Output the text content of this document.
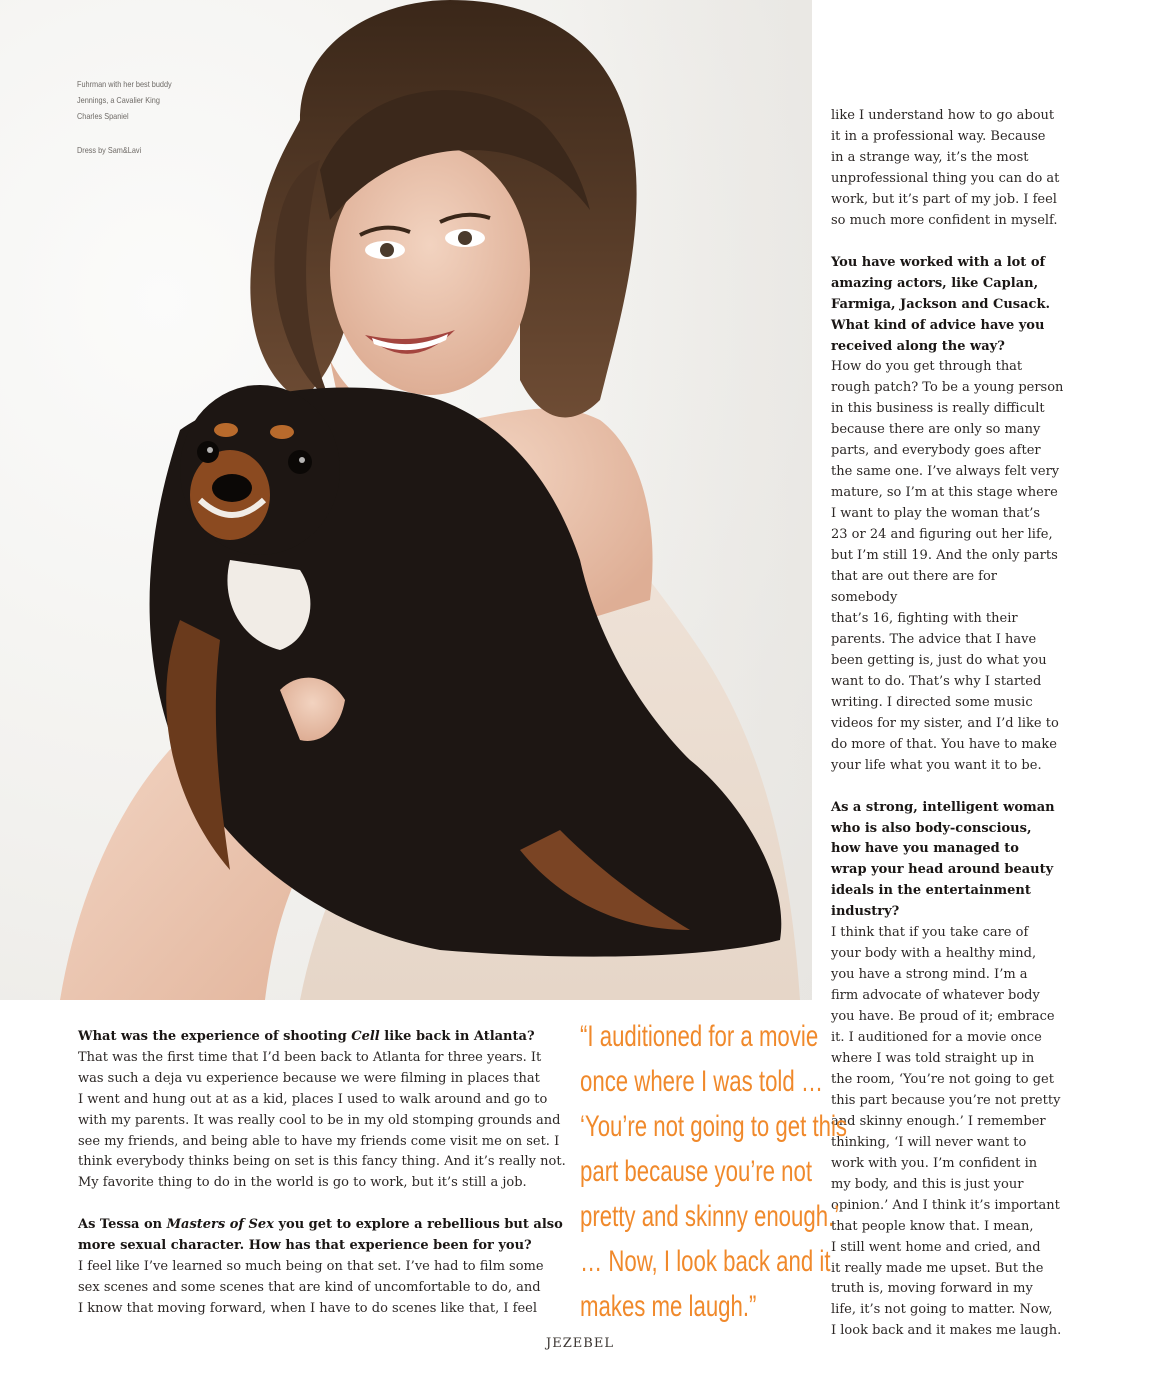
Fuhrman with her best buddy

Jennings, a Cavalier King

Charles Spaniel

Dress by Sam&Lavi

like I understand how to go about

it in a professional way. Because

in a strange way, it’s the most

unprofessional thing you can do at

work, but it’s part of my job. I feel

so much more confident in myself.

You have worked with a lot of

amazing actors, like Caplan,

Farmiga, Jackson and Cusack.

What kind of advice have you

received along the way?

How do you get through that

rough patch? To be a young person

in this business is really difficult

because there are only so many

parts, and everybody goes after

the same one. I’ve always felt very

mature, so I’m at this stage where

I want to play the woman that’s

23 or 24 and figuring out her life,

but I’m still 19. And the only parts

that are out there are for somebody

that’s 16, fighting with their

parents. The advice that I have

been getting is, just do what you

want to do. That’s why I started

writing. I directed some music

videos for my sister, and I’d like to

do more of that. You have to make

your life what you want it to be.

As a strong, intelligent woman

who is also body-conscious,

how have you managed to

wrap your head around beauty

ideals in the entertainment

industry?

I think that if you take care of

your body with a healthy mind,

you have a strong mind. I’m a

firm advocate of whatever body

you have. Be proud of it; embrace

it. I auditioned for a movie once

where I was told straight up in

the room, ‘You’re not going to get

this part because you’re not pretty

and skinny enough.’ I remember

thinking, ‘I will never want to

work with you. I’m confident in

my body, and this is just your

opinion.’ And I think it’s important

that people know that. I mean,

I still went home and cried, and

it really made me upset. But the

truth is, moving forward in my

life, it’s not going to matter. Now,

I look back and it makes me laugh.

What was the experience of shooting Cell like back in Atlanta?

That was the first time that I’d been back to Atlanta for three years. It

was such a deja vu experience because we were filming in places that

I went and hung out at as a kid, places I used to walk around and go to

with my parents. It was really cool to be in my old stomping grounds and

see my friends, and being able to have my friends come visit me on set. I

think everybody thinks being on set is this fancy thing. And it’s really not.

My favorite thing to do in the world is go to work, but it’s still a job.

As Tessa on Masters of Sex you get to explore a rebellious but also

more sexual character. How has that experience been for you?

I feel like I’ve learned so much being on that set. I’ve had to film some

sex scenes and some scenes that are kind of uncomfortable to do, and

I know that moving forward, when I have to do scenes like that, I feel

“I auditioned for a movie

once where I was told …

‘You’re not going to get this

part because you’re not

pretty and skinny enough.’

… Now, I look back and it

makes me laugh.”

JEZEBEL
